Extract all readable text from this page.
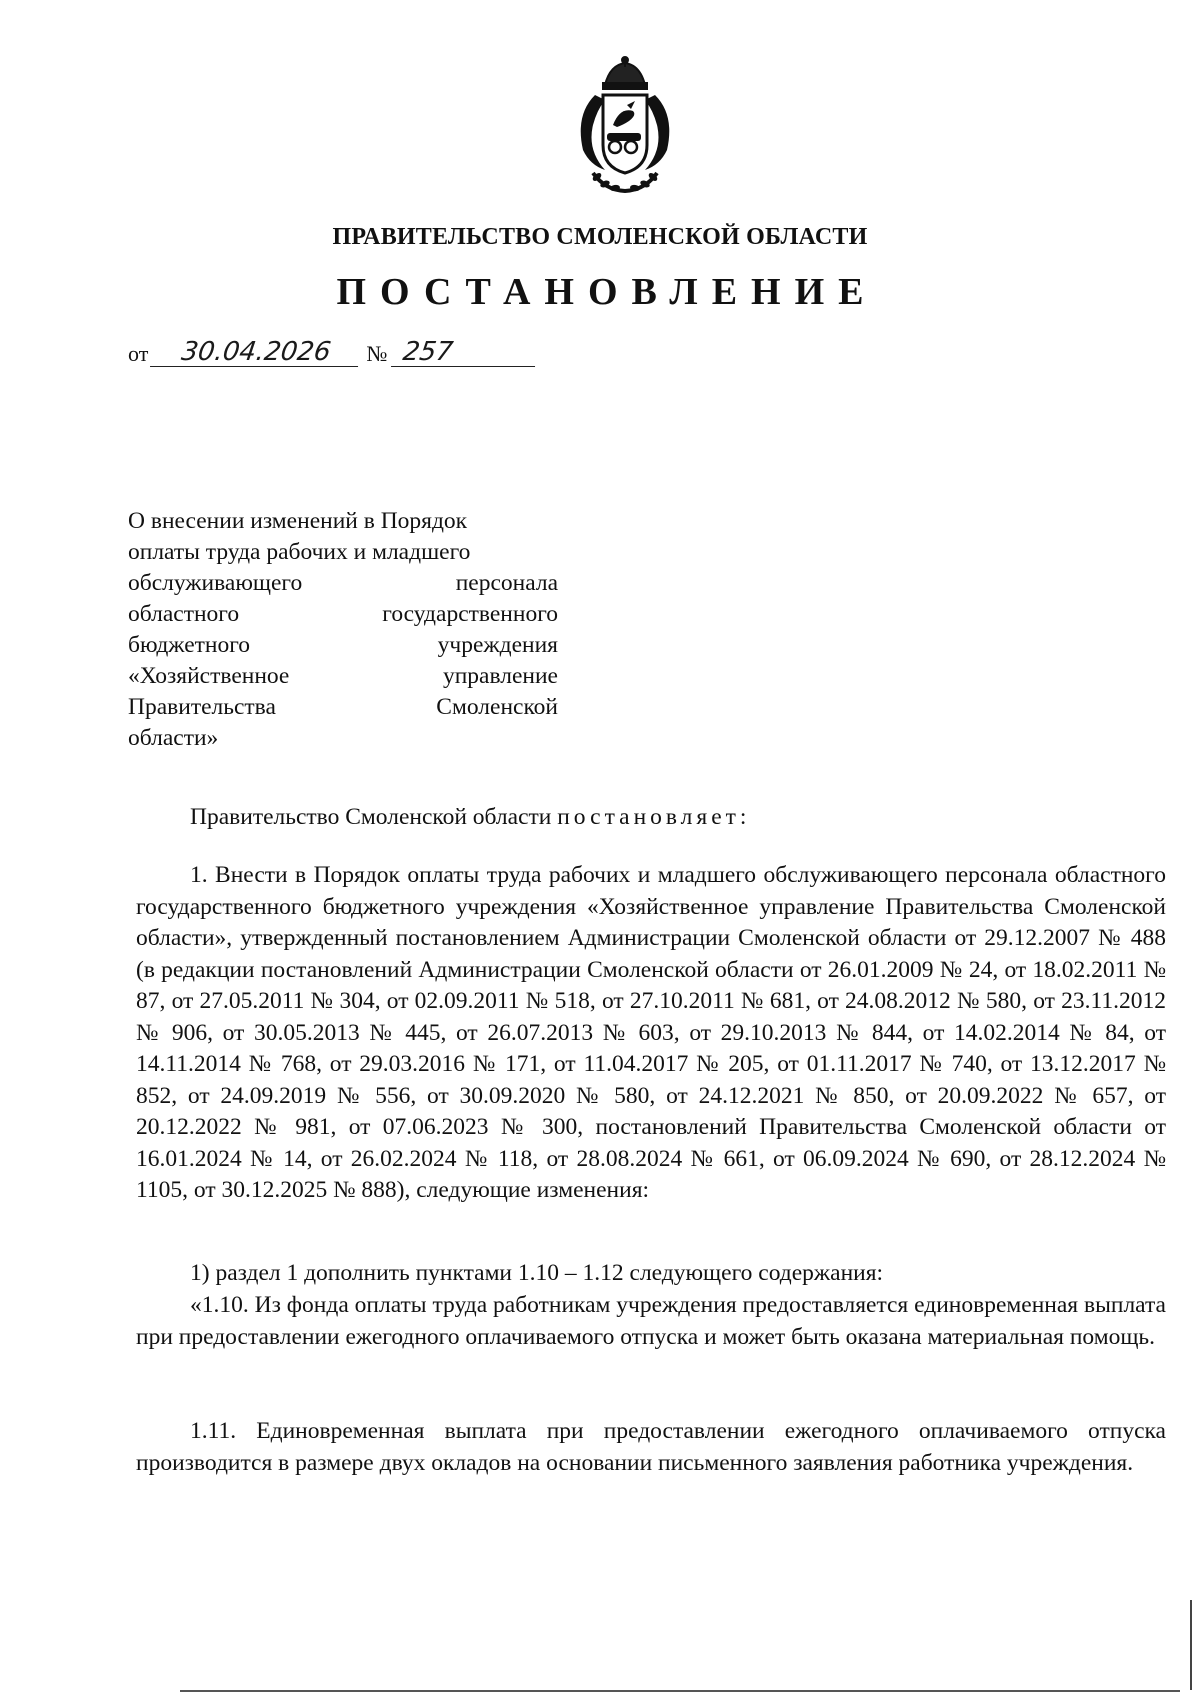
ПРАВИТЕЛЬСТВО СМОЛЕНСКОЙ ОБЛАСТИ
ПОСТАНОВЛЕНИЕ
от	30.04.2026	№ 257
О внесении изменений в Порядок
оплаты труда рабочих и младшего
обслуживающего	персонала
областного	государственного
бюджетного	учреждения
«Хозяйственное	управление
Правительства	Смоленской
области»
Правительство Смоленской области постановляет:

1. Внести в Порядок оплаты труда рабочих и младшего обслуживающего персонала областного государственного бюджетного учреждения «Хозяйственное управление Правительства Смоленской области», утвержденный постановлением Администрации Смоленской области от 29.12.2007 № 488 (в редакции постановлений Администрации Смоленской области от 26.01.2009 № 24, от 18.02.2011 № 87, от 27.05.2011 № 304, от 02.09.2011 № 518, от 27.10.2011 № 681, от 24.08.2012 № 580, от 23.11.2012 № 906, от 30.05.2013 № 445, от 26.07.2013 № 603, от 29.10.2013 № 844, от 14.02.2014 № 84, от 14.11.2014 № 768, от 29.03.2016 № 171, от 11.04.2017 № 205, от 01.11.2017 № 740, от 13.12.2017 № 852, от 24.09.2019 № 556, от 30.09.2020 № 580, от 24.12.2021 № 850, от 20.09.2022 № 657, от 20.12.2022 № 981, от 07.06.2023 № 300, постановлений Правительства Смоленской области от 16.01.2024 № 14, от 26.02.2024 № 118, от 28.08.2024 № 661, от 06.09.2024 № 690, от 28.12.2024 № 1105, от 30.12.2025 № 888), следующие изменения:

1) раздел 1 дополнить пунктами 1.10 – 1.12 следующего содержания:

«1.10. Из фонда оплаты труда работникам учреждения предоставляется единовременная выплата при предоставлении ежегодного оплачиваемого отпуска и может быть оказана материальная помощь.

1.11. Единовременная выплата при предоставлении ежегодного оплачиваемого отпуска производится в размере двух окладов на основании письменного заявления работника учреждения.
